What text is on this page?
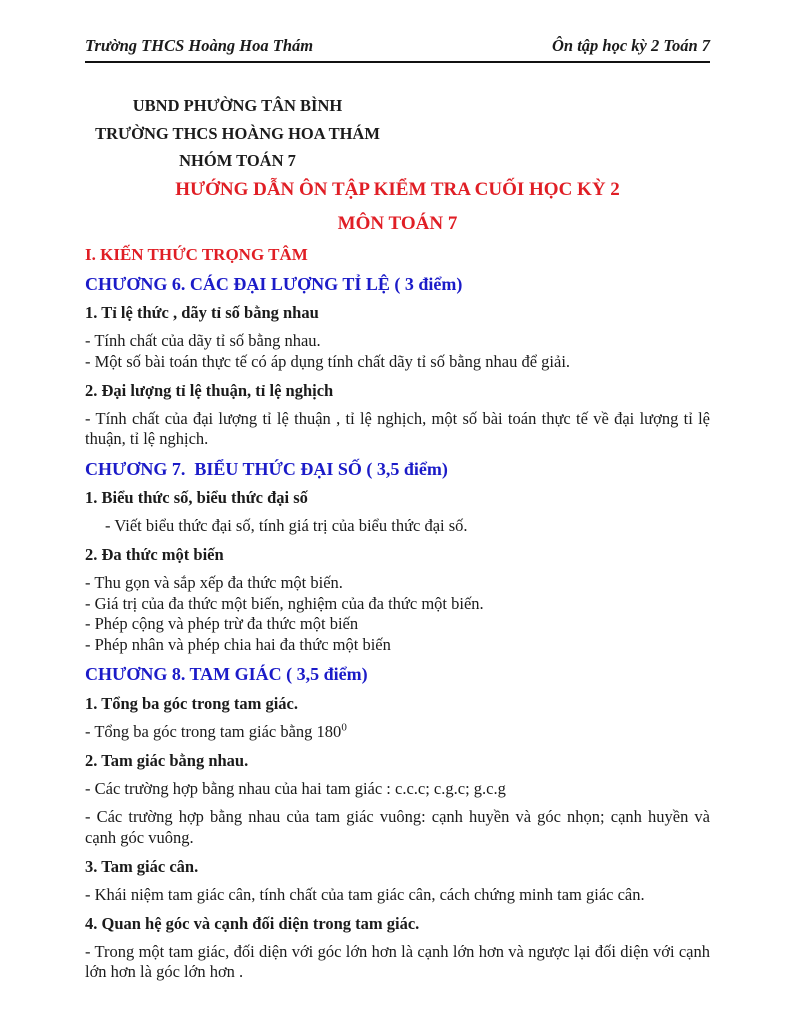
Trường THCS Hoàng Hoa Thám	Ôn tập học kỳ 2 Toán 7
UBND PHƯỜNG TÂN BÌNH
TRƯỜNG THCS HOÀNG HOA THÁM
NHÓM TOÁN 7
HƯỚNG DẪN ÔN TẬP KIỂM TRA CUỐI HỌC KỲ 2
MÔN TOÁN 7
I. KIẾN THỨC TRỌNG TÂM
CHƯƠNG 6. CÁC ĐẠI LƯỢNG TỈ LỆ ( 3 điểm)
1. Tỉ lệ thức , dãy tỉ số bằng nhau
- Tính chất của dãy tỉ số bằng nhau.
- Một số bài toán thực tế có áp dụng tính chất dãy tỉ số bằng nhau để giải.
2. Đại lượng tỉ lệ thuận, tỉ lệ nghịch

- Tính chất của đại lượng tỉ lệ thuận , tỉ lệ nghịch, một số bài toán thực tế về đại lượng tỉ lệ thuận, tỉ lệ nghịch.

CHƯƠNG 7.  BIỂU THỨC ĐẠI SỐ ( 3,5 điểm)
1. Biểu thức số, biểu thức đại số

- Viết biểu thức đại số, tính giá trị của biểu thức đại số.

2. Đa thức một biến
- Thu gọn và sắp xếp đa thức một biến.
- Giá trị của đa thức một biến, nghiệm của đa thức một biến.
- Phép cộng và phép trừ đa thức một biến
- Phép nhân và phép chia hai đa thức một biến
CHƯƠNG 8. TAM GIÁC ( 3,5 điểm)
1. Tổng ba góc trong tam giác.

- Tổng ba góc trong tam giác bằng $180^0$

2. Tam giác bằng nhau.

- Các trường hợp bằng nhau của hai tam giác : c.c.c; c.g.c; g.c.g

- Các trường hợp bằng nhau của tam giác vuông: cạnh huyền và góc nhọn; cạnh huyền và cạnh góc vuông.

3. Tam giác cân.

- Khái niệm tam giác cân, tính chất của tam giác cân, cách chứng minh tam giác cân.

4. Quan hệ góc và cạnh đối diện trong tam giác.

- Trong một tam giác, đối diện với góc lớn hơn là cạnh lớn hơn và ngược lại đối diện với cạnh lớn hơn là góc lớn hơn .
